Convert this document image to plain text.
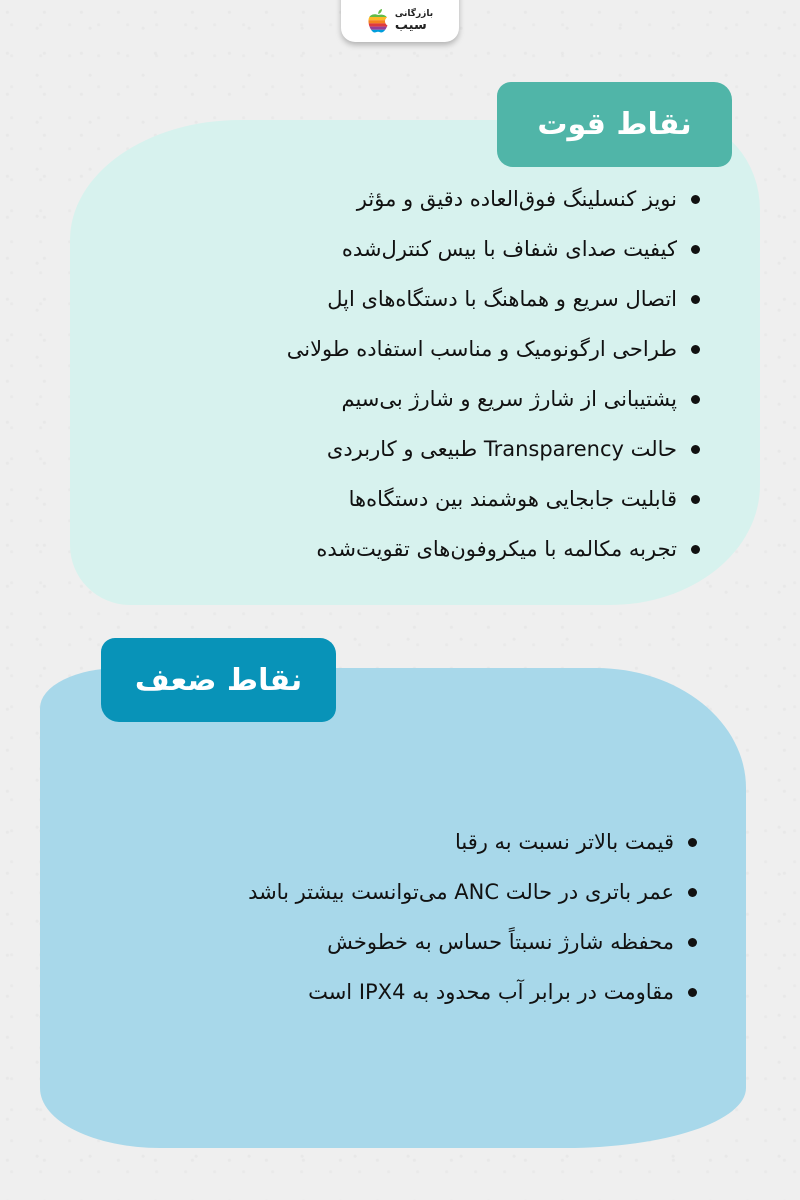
بازرگانی
سیب
نقاط قوت
نویز کنسلینگ فوق‌العاده دقیق و مؤثر
کیفیت صدای شفاف با بیس کنترل‌شده
اتصال سریع و هماهنگ با دستگاه‌های اپل
طراحی ارگونومیک و مناسب استفاده طولانی
پشتیبانی از شارژ سریع و شارژ بی‌سیم
حالت Transparency طبیعی و کاربردی
قابلیت جابجایی هوشمند بین دستگاه‌ها
تجربه مکالمه با میکروفون‌های تقویت‌شده
نقاط ضعف
قیمت بالاتر نسبت به رقبا
عمر باتری در حالت ANC می‌توانست بیشتر باشد
محفظه شارژ نسبتاً حساس به خطوخش
مقاومت در برابر آب محدود به IPX4 است
